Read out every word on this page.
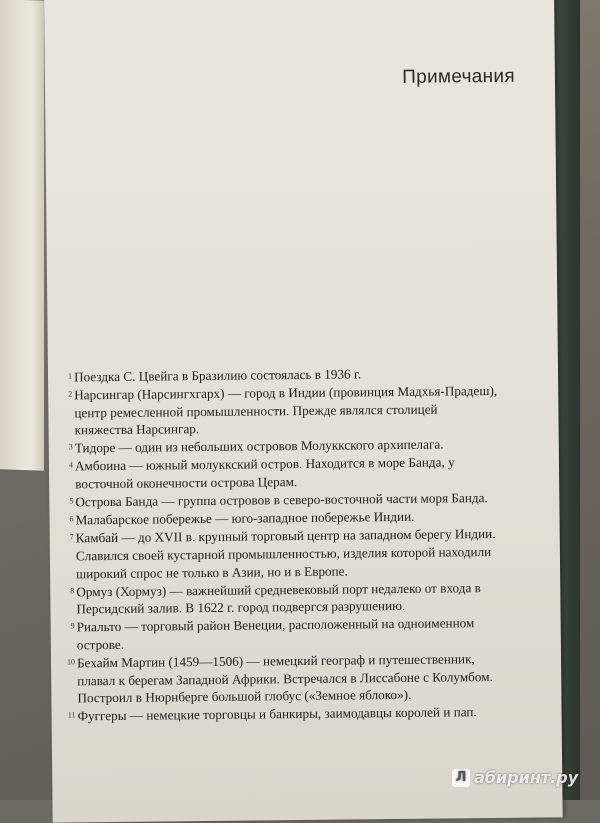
Примечания
1 Поездка С. Цвейга в Бразилию состоялась в 1936 г.
2 Нарсингар (Нарсингхгарх) — город в Индии (провинция Мадхья-Прадеш), центр ремесленной промышленности. Прежде являлся столицей княжества Нарсингар.
3 Тидоре — один из небольших островов Молуккского архипелага.
4 Амбоина — южный молуккский остров. Находится в море Банда, у восточной оконечности острова Церам.
5 Острова Банда — группа островов в северо-восточной части моря Банда.
6 Малабарское побережье — юго-западное побережье Индии.
7 Камбай — до XVII в. крупный торговый центр на западном берегу Индии. Славился своей кустарной промышленностью, изделия которой находили широкий спрос не только в Азии, но и в Европе.
8 Ормуз (Хормуз) — важнейший средневековый порт недалеко от входа в Персидский залив. В 1622 г. город подвергся разрушению.
9 Риальто — торговый район Венеции, расположенный на одноименном острове.
10 Бехайм Мартин (1459—1506) — немецкий географ и путешественник, плавал к берегам Западной Африки. Встречался в Лиссабоне с Колумбом. Построил в Нюрнберге большой глобус («Земное яблоко»).
11 Фуггеры — немецкие торговцы и банкиры, заимодавцы королей и пап.
Л абиринт.ру
